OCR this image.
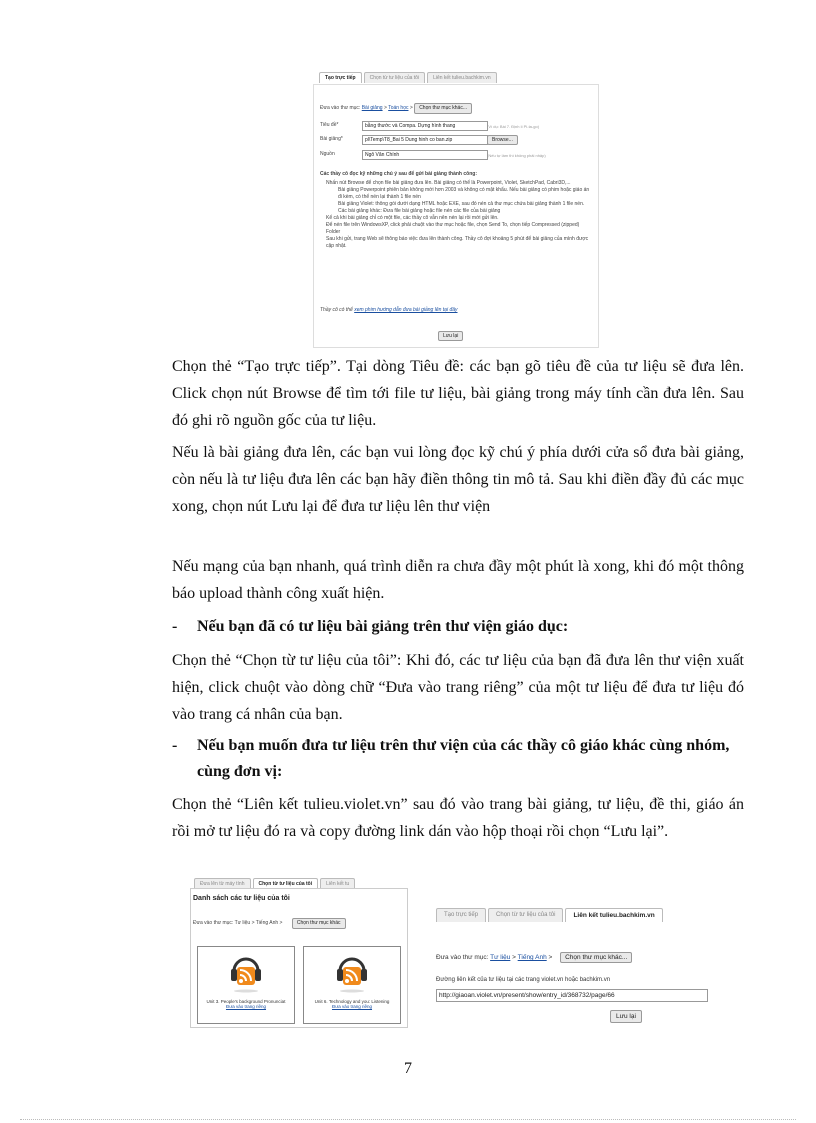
Tạo trực tiếp	Chọn từ tư liệu của tôi	Liên kết tulieu.bachkim.vn
Đưa vào thư mục: Bài giảng > Toán học > Chọn thư mục khác...
Tiêu đề*	bằng thước và Compa. Dựng hình thang	(Ví dụ: Bài 7. Định lí Pi-ta-go)
Bài giảng*	pl\Temp\T8_Bai 5 Dung hinh co ban.zip	Browse...
Nguồn	Ngô Văn Chính	(Nếu tự làm thì không phải nhập)
Các thầy cô đọc kỹ những chú ý sau để gửi bài giảng thành công:
Nhấn nút Browse để chọn file bài giảng đưa lên. Bài giảng có thể là Powerpoint, Violet, SketchPad, Cabri3D,...
Bài giảng Powerpoint phiên bản không mới hơn 2003 và không có mật khẩu. Nếu bài giảng có phim hoặc giáo án đi kèm, có thể nén lại thành 1 file nén
Bài giảng Violet: thông gói dưới dạng HTML hoặc EXE, sau đó nén cả thư mục chứa bài giảng thành 1 file nén.
Các bài giảng khác: Đưa file bài giảng hoặc file nén các file của bài giảng
Kể cả khi bài giảng chỉ có một file, các thầy cô vẫn nên nén lại rồi mới gửi lên.
Để nén file trên WindowsXP, click phải chuột vào thư mục hoặc file, chọn Send To, chọn tiếp Compressed (zipped) Folder
Sau khi gửi, trang Web sẽ thông báo việc đưa lên thành công. Thầy cô đợi khoảng 5 phút để bài giảng của mình được cập nhật.
Thầy cô có thể xem phim hướng dẫn đưa bài giảng lên tại đây
Lưu lại
Chọn thẻ “Tạo trực tiếp”. Tại dòng Tiêu đề: các bạn gõ tiêu đề của tư liệu sẽ đưa lên. Click chọn nút Browse để tìm tới file tư liệu, bài giảng trong máy tính cần đưa lên. Sau đó ghi rõ nguồn gốc của tư liệu.
Nếu là bài giảng đưa lên, các bạn vui lòng đọc kỹ chú ý phía dưới cửa sổ đưa bài giảng, còn nếu là tư liệu đưa lên các bạn hãy điền thông tin mô tả. Sau khi điền đầy đủ các mục xong, chọn nút Lưu lại để đưa tư liệu lên thư viện
Nếu mạng của bạn nhanh, quá trình diễn ra chưa đầy một phút là xong, khi đó một thông báo upload thành công xuất hiện.
-	Nếu bạn đã có tư liệu bài giảng trên thư viện giáo dục:
Chọn thẻ “Chọn từ tư liệu của tôi”: Khi đó, các tư liệu của bạn đã đưa lên thư viện xuất hiện, click chuột vào dòng chữ “Đưa vào trang riêng” của một tư liệu để đưa tư liệu đó vào trang cá nhân của bạn.
-	Nếu bạn muốn đưa tư liệu trên thư viện của các thầy cô giáo khác cùng nhóm, cùng đơn vị:
Chọn thẻ “Liên kết tulieu.violet.vn” sau đó vào trang bài giảng, tư liệu, đề thi, giáo án rồi mở tư liệu đó ra và copy đường link dán vào hộp thoại rồi chọn “Lưu lại”.
Đưa lên từ máy tính	Chọn từ tư liệu của tôi	Liên kết tu
Danh sách các tư liệu của tôi
Đưa vào thư mục: Tư liệu > Tiếng Anh >	Chọn thư mục khác
Unit 3. People's background Pronunciat
Đưa vào trang riêng
Unit 6. Technology and you: Listening
Đưa vào trang riêng
Tạo trực tiếp	Chọn từ tư liệu của tôi	Liên kết tulieu.bachkim.vn
Đưa vào thư mục: Tư liệu > Tiếng Anh > Chọn thư mục khác...
Đường liên kết của tư liệu tại các trang violet.vn hoặc bachkim.vn
http://giaoan.violet.vn/present/show/entry_id/368732/page/66
Lưu lại
7
